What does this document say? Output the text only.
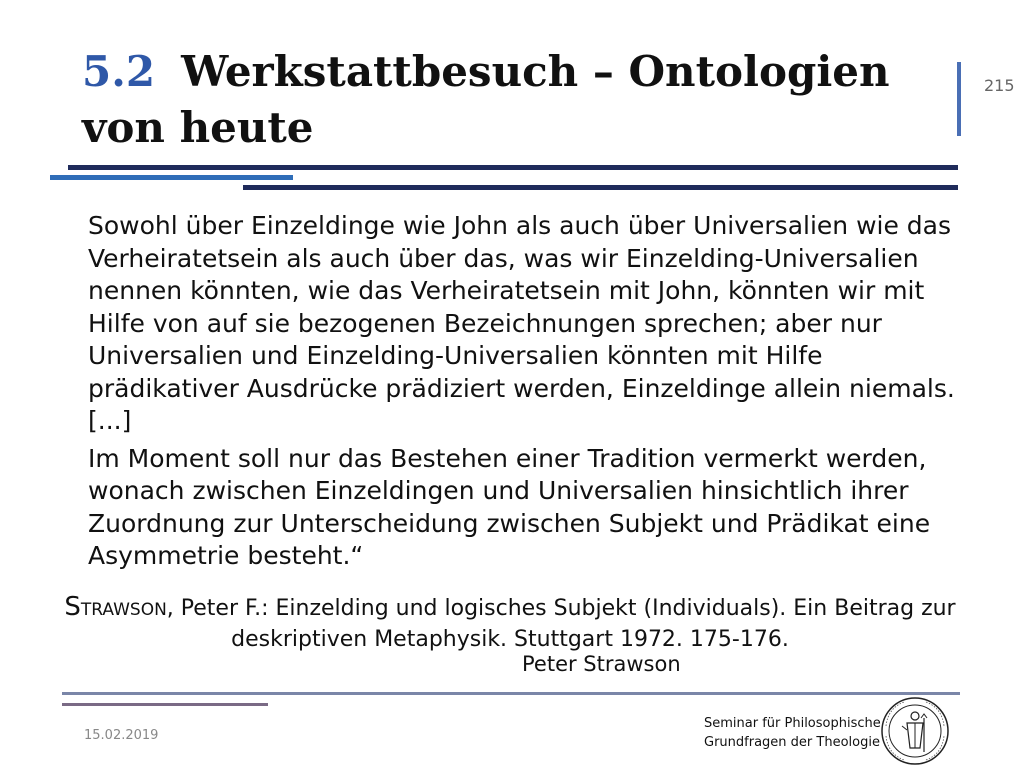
5.2 Werkstattbesuch – Ontologien von heute
215

Sowohl über Einzeldinge wie John als auch über Universalien wie das Verheiratetsein als auch über das, was wir Einzelding-Universalien nennen könnten, wie das Verheiratetsein mit John, könnten wir mit Hilfe von auf sie bezogenen Bezeichnungen sprechen; aber nur Universalien und Einzelding-Universalien könnten mit Hilfe prädikativer Ausdrücke prädiziert werden, Einzeldinge allein niemals. [...]

Im Moment soll nur das Bestehen einer Tradition vermerkt werden, wonach zwischen Einzeldingen und Universalien hinsichtlich ihrer Zuordnung zur Unterscheidung zwischen Subjekt und Prädikat eine Asymmetrie besteht.“

STRAWSON, Peter F.: Einzelding und logisches Subjekt (Individuals). Ein Beitrag zur deskriptiven Metaphysik. Stuttgart 1972. 175-176.
Peter Strawson
15.02.2019
Seminar für Philosophische
Grundfragen der Theologie
